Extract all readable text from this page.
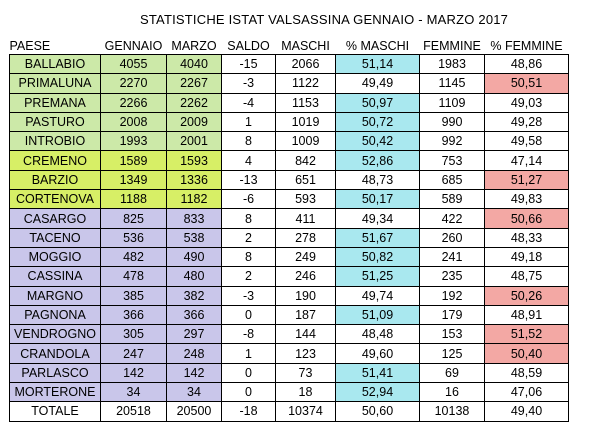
STATISTICHE ISTAT VALSASSINA GENNAIO - MARZO 2017
PAESE	GENNAIO	MARZO	SALDO	MASCHI	% MASCHI	FEMMINE	% FEMMINE
BALLABIO	4055	4040	-15	2066	51,14	1983	48,86
PRIMALUNA	2270	2267	-3	1122	49,49	1145	50,51
PREMANA	2266	2262	-4	1153	50,97	1109	49,03
PASTURO	2008	2009	1	1019	50,72	990	49,28
INTROBIO	1993	2001	8	1009	50,42	992	49,58
CREMENO	1589	1593	4	842	52,86	753	47,14
BARZIO	1349	1336	-13	651	48,73	685	51,27
CORTENOVA	1188	1182	-6	593	50,17	589	49,83
CASARGO	825	833	8	411	49,34	422	50,66
TACENO	536	538	2	278	51,67	260	48,33
MOGGIO	482	490	8	249	50,82	241	49,18
CASSINA	478	480	2	246	51,25	235	48,75
MARGNO	385	382	-3	190	49,74	192	50,26
PAGNONA	366	366	0	187	51,09	179	48,91
VENDROGNO	305	297	-8	144	48,48	153	51,52
CRANDOLA	247	248	1	123	49,60	125	50,40
PARLASCO	142	142	0	73	51,41	69	48,59
MORTERONE	34	34	0	18	52,94	16	47,06
TOTALE	20518	20500	-18	10374	50,60	10138	49,40
